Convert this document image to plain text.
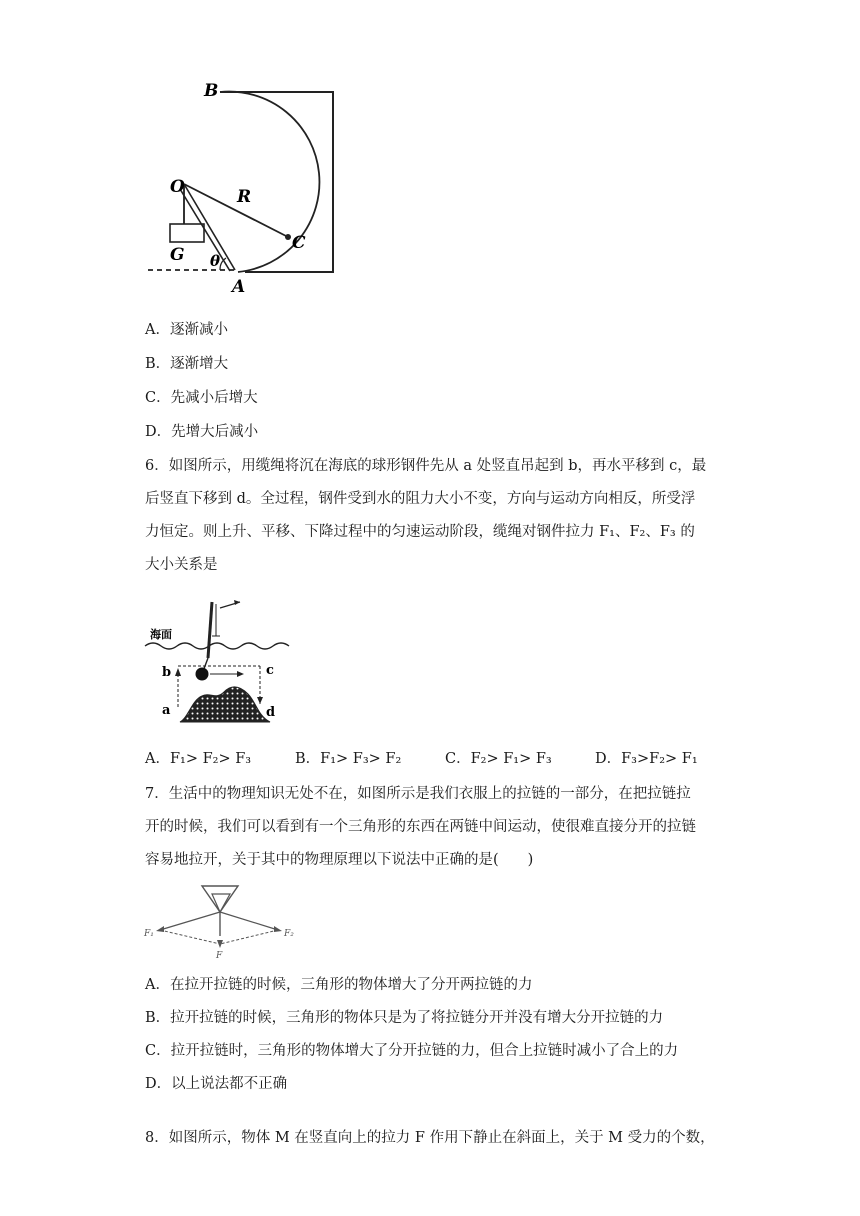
B
O	R
C
G θ
A
A．逐渐减小
B．逐渐增大
C．先减小后增大
D．先增大后减小
6．如图所示，用缆绳将沉在海底的球形钢件先从 a 处竖直吊起到 b，再水平移到 c，最
后竖直下移到 d。全过程，钢件受到水的阻力大小不变，方向与运动方向相反，所受浮
力恒定。则上升、平移、下降过程中的匀速运动阶段，缆绳对钢件拉力 F₁、F₂、F₃ 的
大小关系是
海面
b	c
a	d
A．F₁> F₂> F₃	B．F₁> F₃> F₂	C．F₂> F₁> F₃	D．F₃>F₂> F₁
7．生活中的物理知识无处不在，如图所示是我们衣服上的拉链的一部分，在把拉链拉
开的时候，我们可以看到有一个三角形的东西在两链中间运动，使很难直接分开的拉链
容易地拉开，关于其中的物理原理以下说法中正确的是(　　)
F₁	F₂
F
A．在拉开拉链的时候，三角形的物体增大了分开两拉链的力
B．拉开拉链的时候，三角形的物体只是为了将拉链分开并没有增大分开拉链的力
C．拉开拉链时，三角形的物体增大了分开拉链的力，但合上拉链时减小了合上的力
D．以上说法都不正确
8．如图所示，物体 M 在竖直向上的拉力 F 作用下静止在斜面上，关于 M 受力的个数，
